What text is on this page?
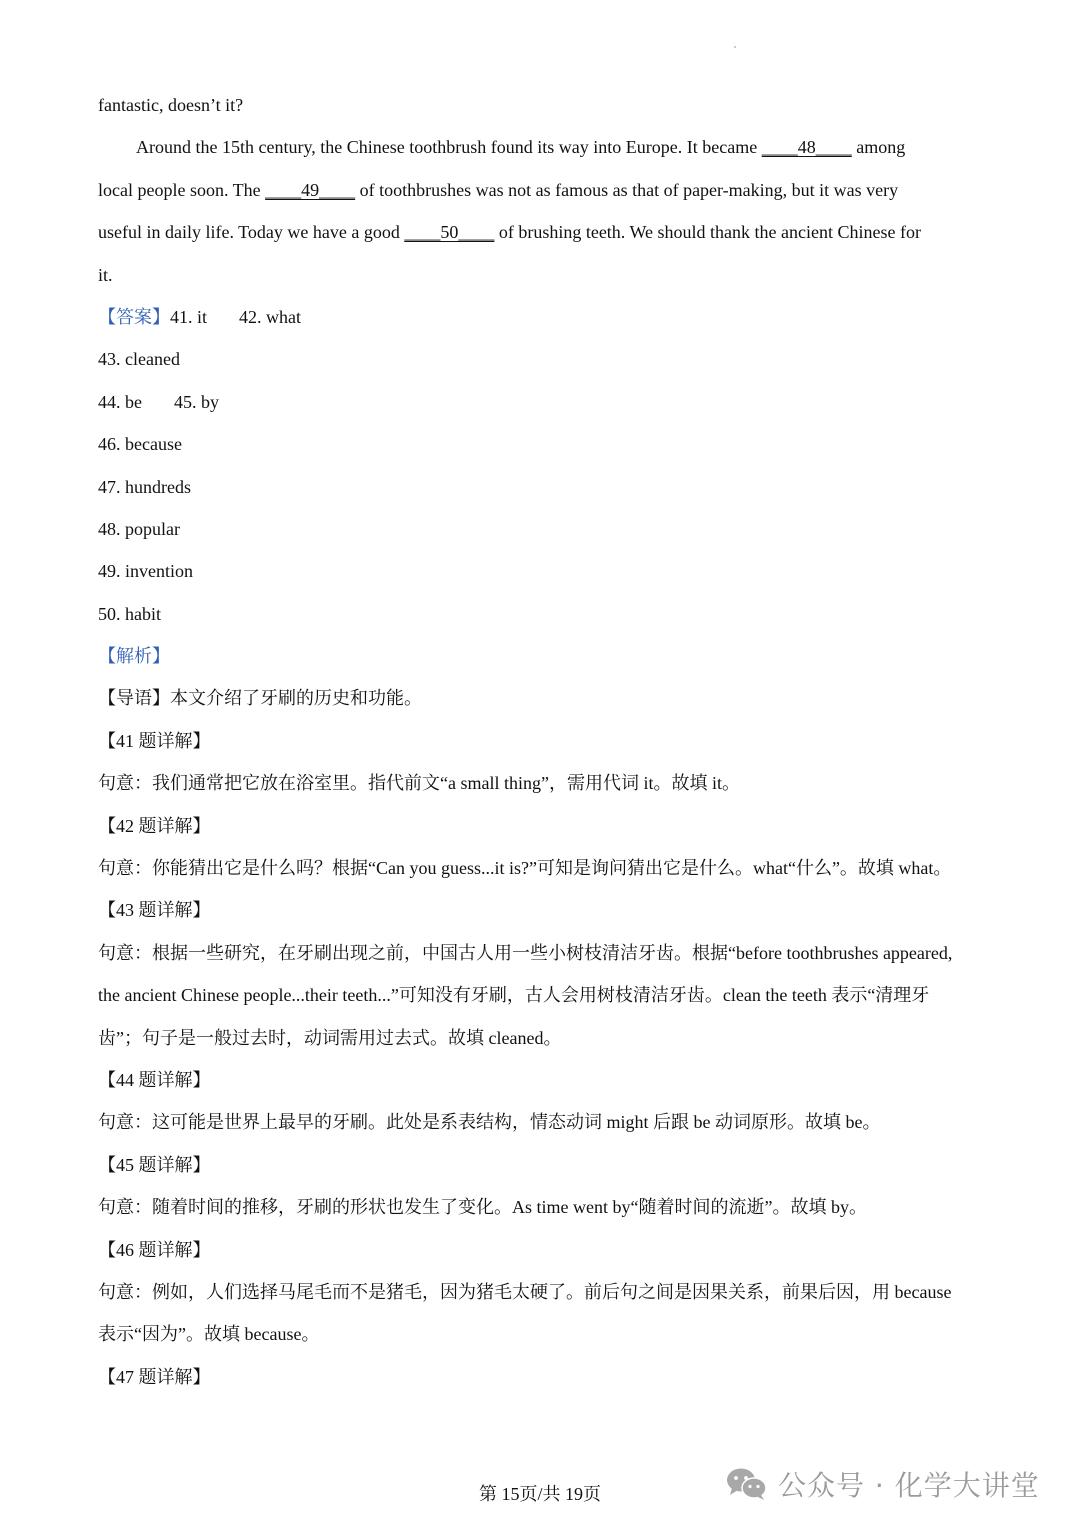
fantastic, doesn’t it?
Around the 15th century, the Chinese toothbrush found its way into Europe. It became ____48____ among
local people soon. The ____49____ of toothbrushes was not as famous as that of paper-making, but it was very
useful in daily life. Today we have a good ____50____ of brushing teeth. We should thank the ancient Chinese for
it.
【答案】41. it 42. what
43. cleaned
44. be 45. by
46. because
47. hundreds
48. popular
49. invention
50. habit
【解析】
【导语】本文介绍了牙刷的历史和功能。
【41 题详解】
句意：我们通常把它放在浴室里。指代前文“a small thing”，需用代词 it。故填 it。
【42 题详解】
句意：你能猜出它是什么吗？根据“Can you guess...it is?”可知是询问猜出它是什么。what“什么”。故填 what。
【43 题详解】
句意：根据一些研究，在牙刷出现之前，中国古人用一些小树枝清洁牙齿。根据“before toothbrushes appeared,
the ancient Chinese people...their teeth...”可知没有牙刷，古人会用树枝清洁牙齿。clean the teeth 表示“清理牙
齿”；句子是一般过去时，动词需用过去式。故填 cleaned。
【44 题详解】
句意：这可能是世界上最早的牙刷。此处是系表结构，情态动词 might 后跟 be 动词原形。故填 be。
【45 题详解】
句意：随着时间的推移，牙刷的形状也发生了变化。As time went by“随着时间的流逝”。故填 by。
【46 题详解】
句意：例如，人们选择马尾毛而不是猪毛，因为猪毛太硬了。前后句之间是因果关系，前果后因，用 because
表示“因为”。故填 because。
【47 题详解】
第 15页/共 19页	公众号 · 化学大讲堂
